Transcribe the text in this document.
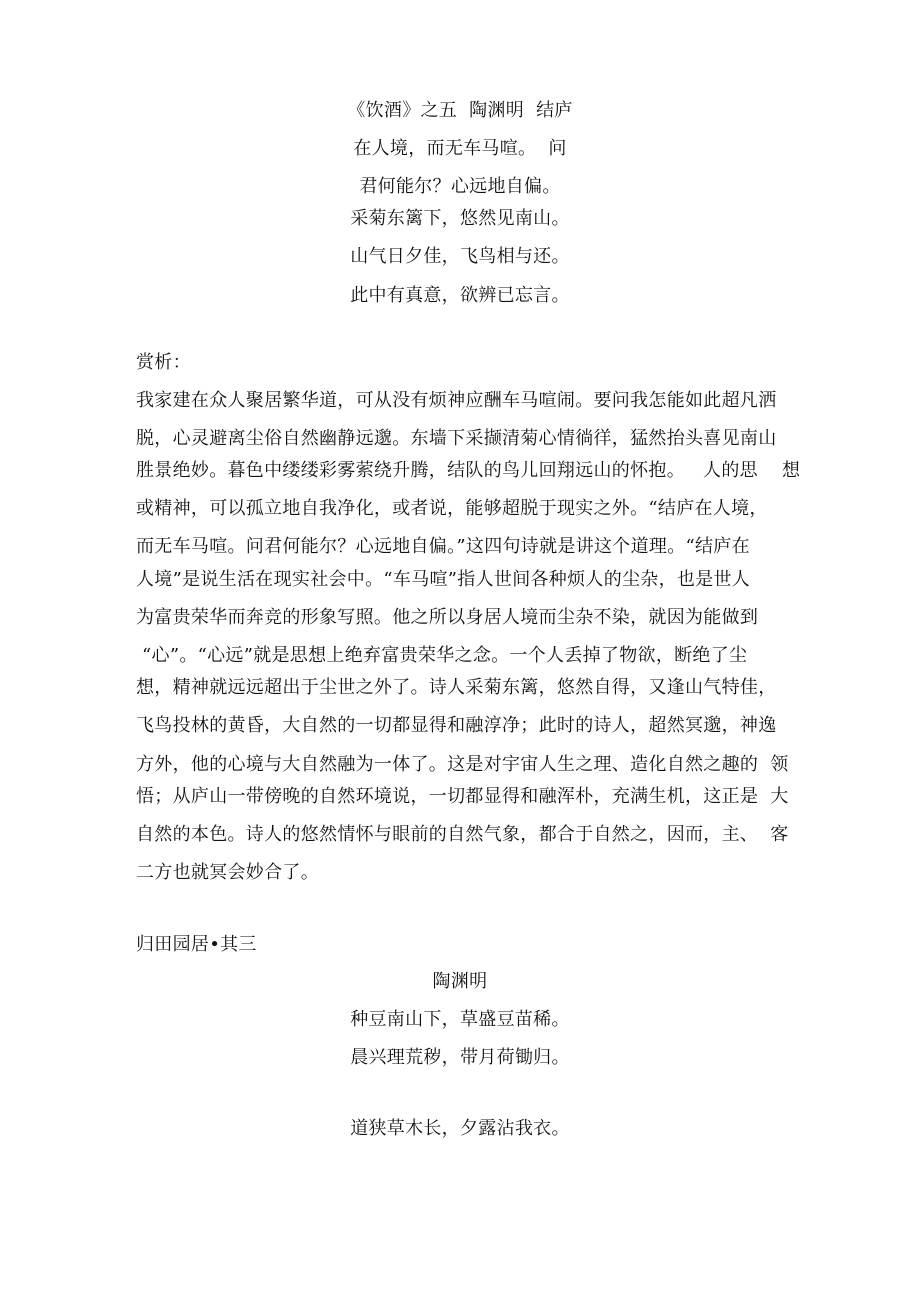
《饮酒》之五  陶渊明  结庐
在人境，而无车马喧。  问
君何能尔？心远地自偏。
采菊东篱下，悠然见南山。
山气日夕佳，飞鸟相与还。
此中有真意，欲辨已忘言。
赏析：
我家建在众人聚居繁华道，可从没有烦神应酬车马喧闹。要问我怎能如此超凡洒
脱，心灵避离尘俗自然幽静远邈。东墙下采撷清菊心情徜徉，猛然抬头喜见南山
胜景绝妙。暮色中缕缕彩雾萦绕升腾，结队的鸟儿回翔远山的怀抱。   人的思    想
或精神，可以孤立地自我净化，或者说，能够超脱于现实之外。“结庐在人境，
而无车马喧。问君何能尔？心远地自偏。”这四句诗就是讲这个道理。“结庐在
人境”是说生活在现实社会中。“车马喧”指人世间各种烦人的尘杂，也是世人
为富贵荣华而奔竞的形象写照。他之所以身居人境而尘杂不染，就因为能做到
“心”。“心远”就是思想上绝弃富贵荣华之念。一个人丢掉了物欲，断绝了尘
想，精神就远远超出于尘世之外了。诗人采菊东篱，悠然自得，又逢山气特佳，
飞鸟投林的黄昏，大自然的一切都显得和融淳净；此时的诗人，超然冥邈，神逸
方外，他的心境与大自然融为一体了。这是对宇宙人生之理、造化自然之趣的  领
悟；从庐山一带傍晚的自然环境说，一切都显得和融浑朴，充满生机，这正是  大
自然的本色。诗人的悠然情怀与眼前的自然气象，都合于自然之，因而，主、  客
二方也就冥会妙合了。
归田园居•其三
陶渊明
种豆南山下，草盛豆苗稀。
晨兴理荒秽，带月荷锄归。
道狭草木长，夕露沾我衣。
